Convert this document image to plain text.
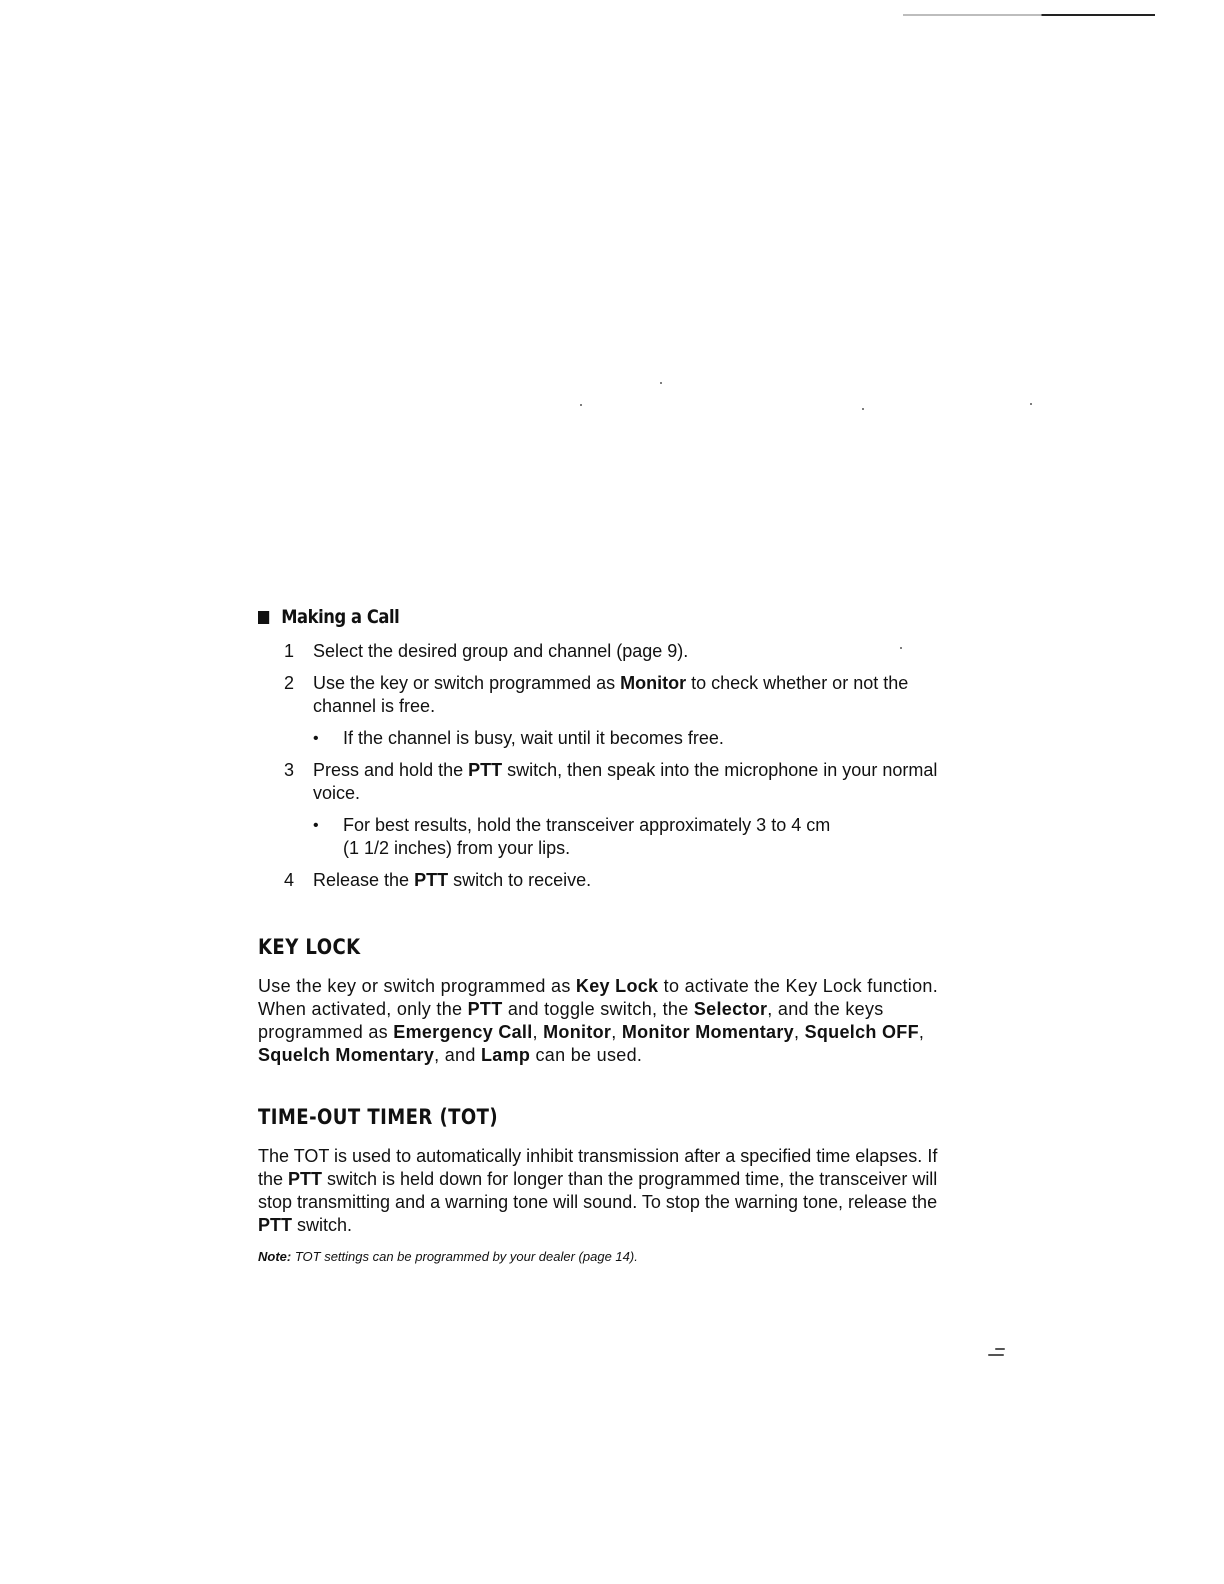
Making a Call
1	Select the desired group and channel (page 9).
2	Use the key or switch programmed as Monitor to check whether or not the channel is free.
•	If the channel is busy, wait until it becomes free.
3	Press and hold the PTT switch, then speak into the microphone in your normal voice.
•	For best results, hold the transceiver approximately 3 to 4 cm
(1 1/2 inches) from your lips.
4	Release the PTT switch to receive.
KEY LOCK

Use the key or switch programmed as Key Lock to activate the Key Lock function. When activated, only the PTT and toggle switch, the Selector, and the keys programmed as Emergency Call, Monitor, Monitor Momentary, Squelch OFF, Squelch Momentary, and Lamp can be used.

TIME-OUT TIMER (TOT)

The TOT is used to automatically inhibit transmission after a specified time elapses. If the PTT switch is held down for longer than the programmed time, the transceiver will stop transmitting and a warning tone will sound. To stop the warning tone, release the PTT switch.

Note: TOT settings can be programmed by your dealer (page 14).
